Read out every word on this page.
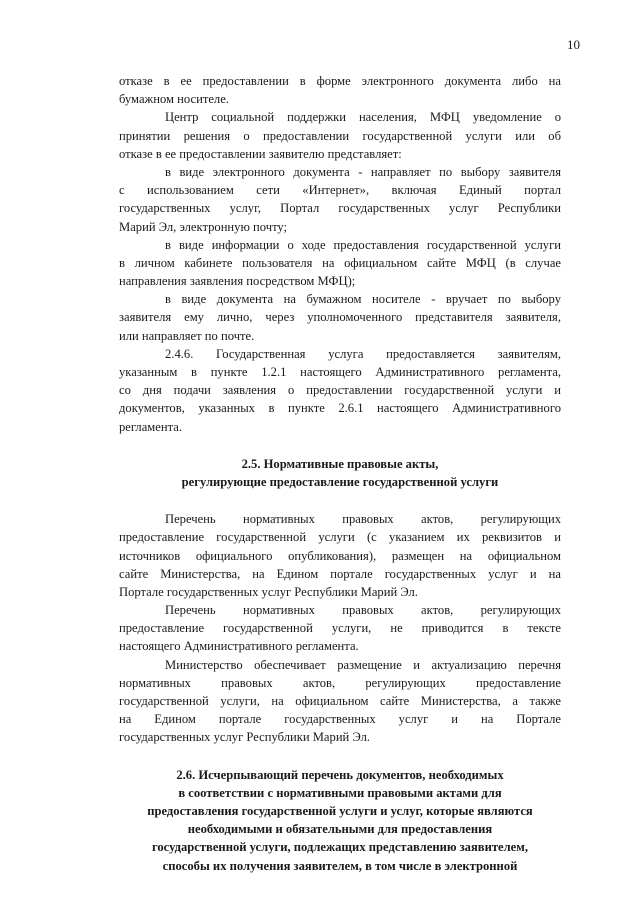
10
отказе в ее предоставлении в форме электронного документа либо на
бумажном носителе.
Центр социальной поддержки населения, МФЦ уведомление о
принятии решения о предоставлении государственной услуги или об
отказе в ее предоставлении заявителю представляет:
в виде электронного документа - направляет по выбору заявителя
с использованием сети «Интернет», включая Единый портал
государственных услуг, Портал государственных услуг Республики
Марий Эл, электронную почту;
в виде информации о ходе предоставления государственной услуги
в личном кабинете пользователя на официальном сайте МФЦ (в случае
направления заявления посредством МФЦ);
в виде документа на бумажном носителе - вручает по выбору
заявителя ему лично, через уполномоченного представителя заявителя,
или направляет по почте.
2.4.6. Государственная услуга предоставляется заявителям,
указанным в пункте 1.2.1 настоящего Административного регламента,
со дня подачи заявления о предоставлении государственной услуги и
документов, указанных в пункте 2.6.1 настоящего Административного
регламента.
2.5. Нормативные правовые акты,
регулирующие предоставление государственной услуги
Перечень нормативных правовых актов, регулирующих
предоставление государственной услуги (с указанием их реквизитов и
источников официального опубликования), размещен на официальном
сайте Министерства, на Едином портале государственных услуг и на
Портале государственных услуг Республики Марий Эл.
Перечень нормативных правовых актов, регулирующих
предоставление государственной услуги, не приводится в тексте
настоящего Административного регламента.
Министерство обеспечивает размещение и актуализацию перечня
нормативных правовых актов, регулирующих предоставление
государственной услуги, на официальном сайте Министерства, а также
на Едином портале государственных услуг и на Портале
государственных услуг Республики Марий Эл.
2.6. Исчерпывающий перечень документов, необходимых
в соответствии с нормативными правовыми актами для
предоставления государственной услуги и услуг, которые являются
необходимыми и обязательными для предоставления
государственной услуги, подлежащих представлению заявителем,
способы их получения заявителем, в том числе в электронной
